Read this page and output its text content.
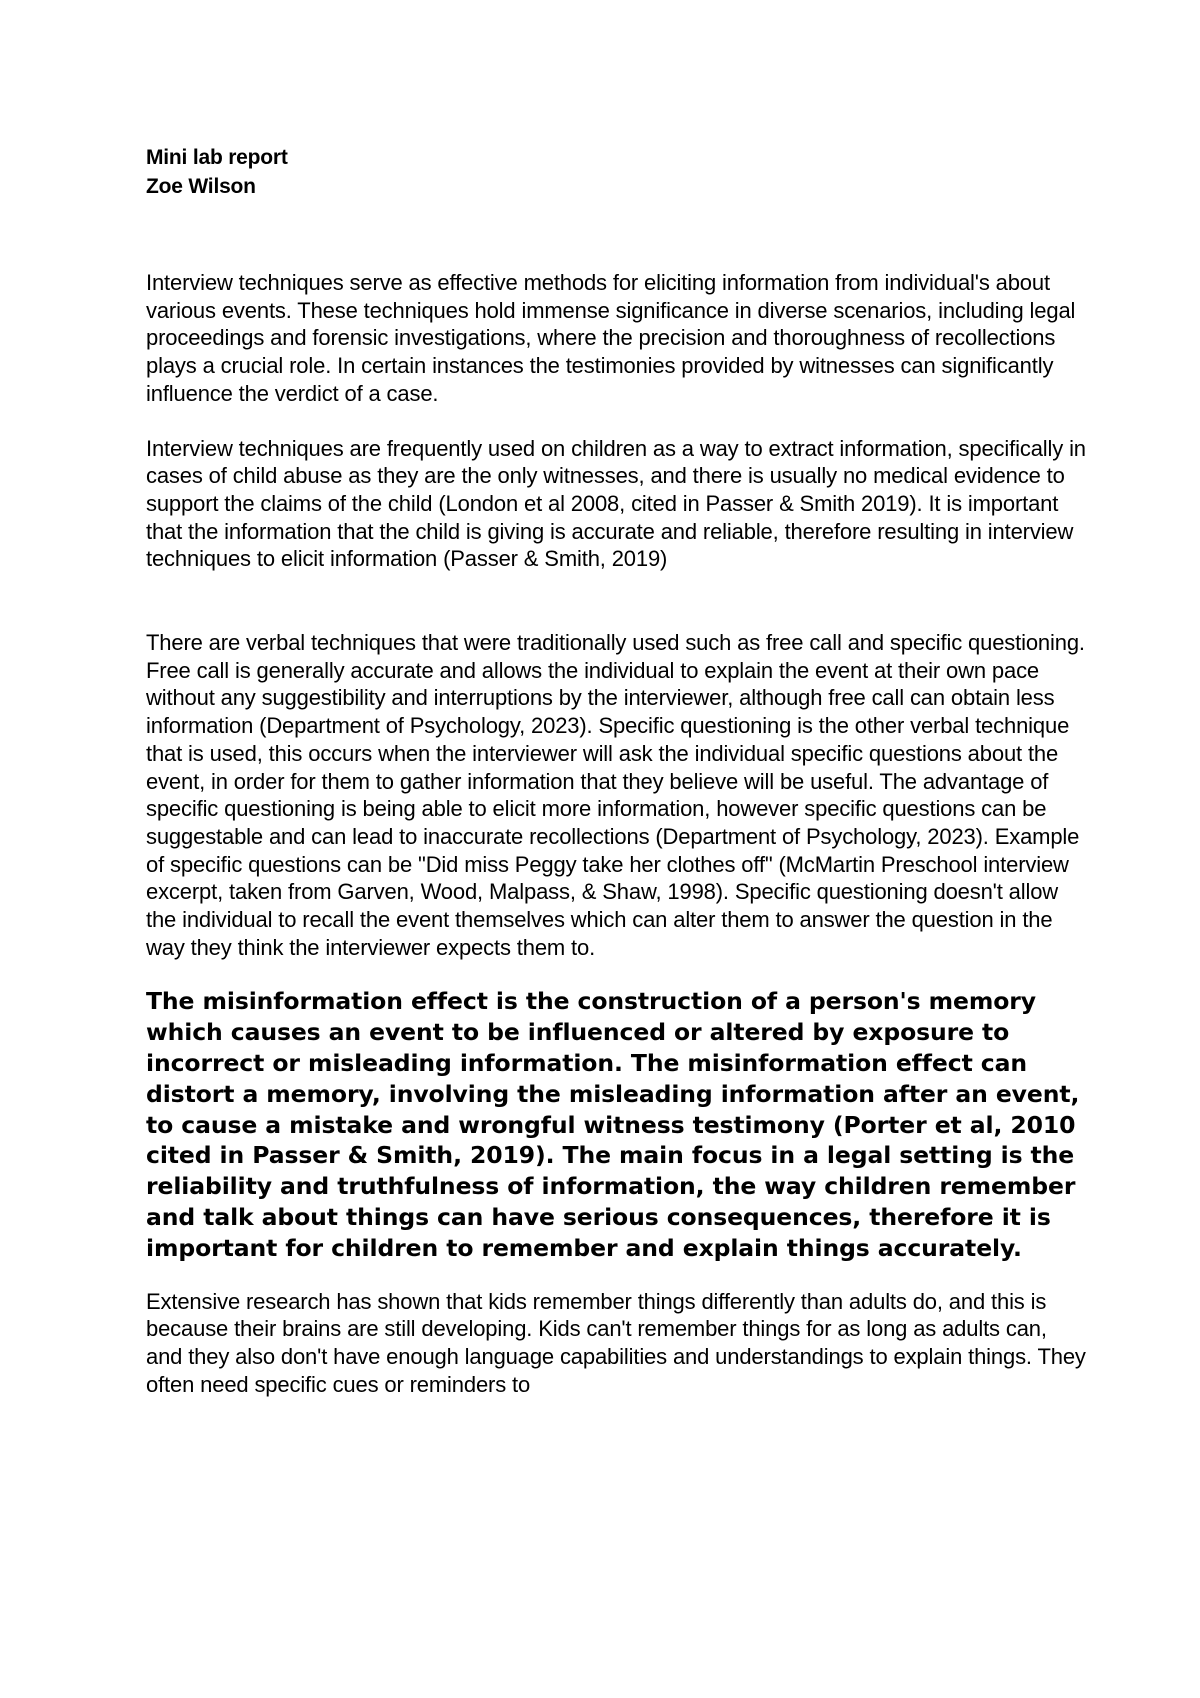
Mini lab report

Zoe Wilson

Interview techniques serve as effective methods for eliciting information from individual's about various events. These techniques hold immense significance in diverse scenarios, including legal proceedings and forensic investigations, where the precision and thoroughness of recollections plays a crucial role. In certain instances the testimonies provided by witnesses can significantly influence the verdict of a case.

Interview techniques are frequently used on children as a way to extract information, specifically in cases of child abuse as they are the only witnesses, and there is usually no medical evidence to support the claims of the child (London et al 2008, cited in Passer & Smith 2019). It is important that the information that the child is giving is accurate and reliable, therefore resulting in interview techniques to elicit information (Passer & Smith, 2019)

There are verbal techniques that were traditionally used such as free call and specific questioning. Free call is generally accurate and allows the individual to explain the event at their own pace without any suggestibility and interruptions by the interviewer, although free call can obtain less information (Department of Psychology, 2023). Specific questioning is the other verbal technique that is used, this occurs when the interviewer will ask the individual specific questions about the event, in order for them to gather information that they believe will be useful. The advantage of specific questioning is being able to elicit more information, however specific questions can be suggestable and can lead to inaccurate recollections (Department of Psychology, 2023). Example of specific questions can be "Did miss Peggy take her clothes off" (McMartin Preschool interview excerpt, taken from Garven, Wood, Malpass, & Shaw, 1998). Specific questioning doesn't allow the individual to recall the event themselves which can alter them to answer the question in the way they think the interviewer expects them to.

The misinformation effect is the construction of a person's memory which causes an event to be influenced or altered by exposure to incorrect or misleading information. The misinformation effect can distort a memory, involving the misleading information after an event, to cause a mistake and wrongful witness testimony (Porter et al, 2010 cited in Passer & Smith, 2019). The main focus in a legal setting is the reliability and truthfulness of information, the way children remember and talk about things can have serious consequences, therefore it is important for children to remember and explain things accurately.

Extensive research has shown that kids remember things differently than adults do, and this is because their brains are still developing. Kids can't remember things for as long as adults can, and they also don't have enough language capabilities and understandings to explain things. They often need specific cues or reminders to
